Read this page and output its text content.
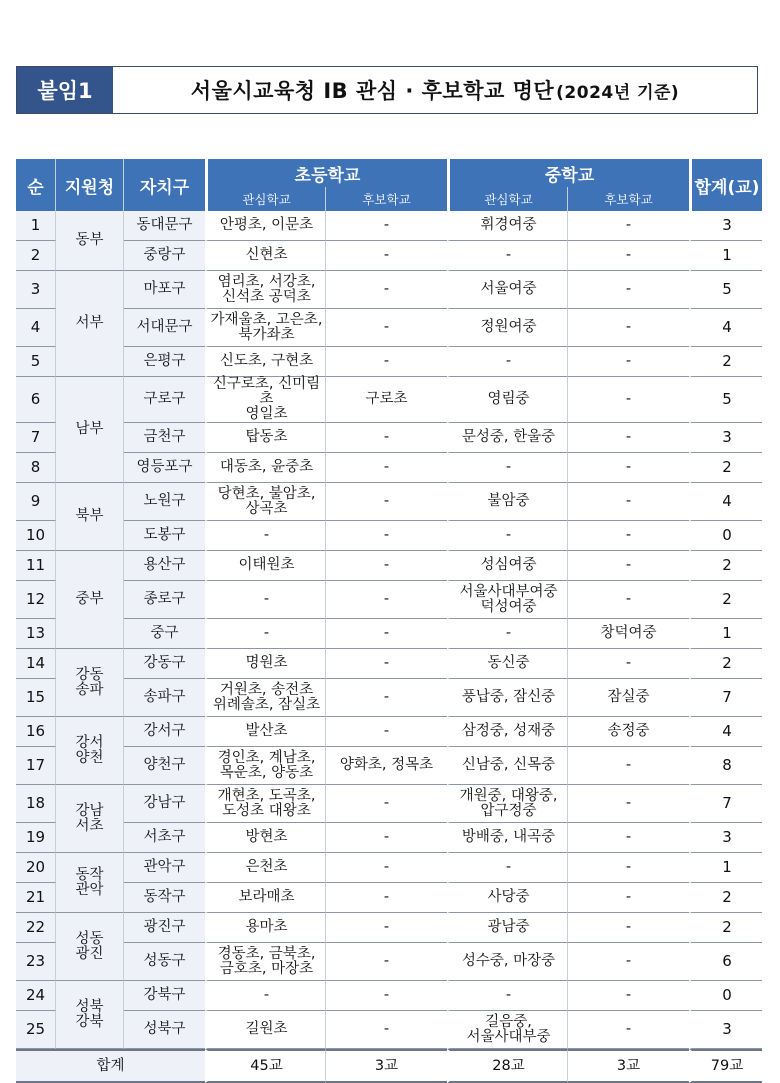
붙임1	서울시교육청 IB 관심 · 후보학교 명단 (2024년 기준)
순	지원청	자치구	초등학교		중학교		합계(교)
			관심학교	후보학교	관심학교	후보학교	
1	동부	동대문구	안평초, 이문초	-	휘경여중	-	3
2		중랑구	신현초	-	-	-	1
3	서부	마포구	염리초, 서강초,
신석초 공덕초	-	서울여중	-	5
4		서대문구	가재울초, 고은초,
북가좌초	-	정원여중	-	4
5		은평구	신도초, 구현초	-	-	-	2
6	남부	구로구	신구로초, 신미림초
영일초	구로초	영림중	-	5
7		금천구	탑동초	-	문성중, 한울중	-	3
8		영등포구	대동초, 윤중초	-	-	-	2
9	북부	노원구	당현초, 불암초,
상곡초	-	불암중	-	4
10		도봉구	-	-	-	-	0
11	중부	용산구	이태원초	-	성심여중	-	2
12		종로구	-	-	서울사대부여중
덕성여중	-	2
13		중구	-	-	-	창덕여중	1
14	강동
송파	강동구	명원초	-	동신중	-	2
15		송파구	거원초, 송전초
위례솔초, 잠실초	-	풍납중, 잠신중	잠실중	7
16	강서
양천	강서구	발산초	-	삼정중, 성재중	송정중	4
17		양천구	경인초, 계남초,
목운초, 양동초	양화초, 정목초	신남중, 신목중	-	8
18	강남
서초	강남구	개현초, 도곡초,
도성초 대왕초	-	개원중, 대왕중,
압구정중	-	7
19		서초구	방현초	-	방배중, 내곡중	-	3
20	동작
관악	관악구	은천초	-	-	-	1
21		동작구	보라매초	-	사당중	-	2
22	성동
광진	광진구	용마초	-	광남중	-	2
23		성동구	경동초, 금북초,
금호초, 마장초	-	성수중, 마장중	-	6
24	성북
강북	강북구	-	-	-	-	0
25		성북구	길원초	-	길음중,
서울사대부중	-	3
합계			45교	3교	28교	3교	79교
